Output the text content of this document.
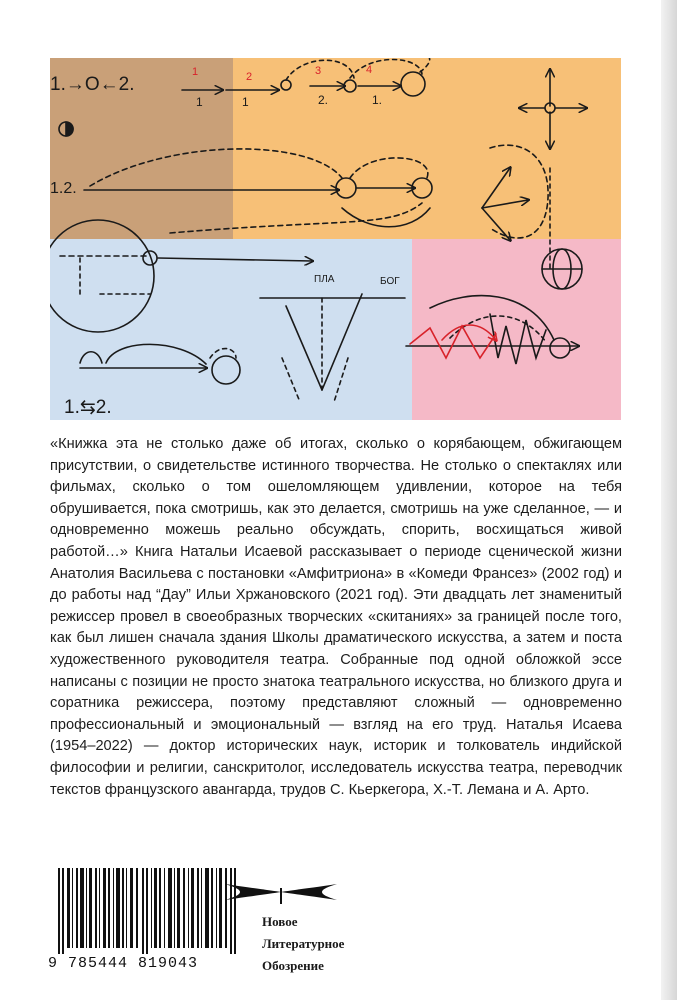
1.→O←2.
1	1	2.	1.
1	2	3	4
1.2.
1.⇆2.
ПЛА	БОГ

«Книжка эта не столько даже об итогах, сколько о корябающем, обжигающем присутствии, о свидетельстве истинного творчества. Не столько о спектаклях или фильмах, сколько о том ошеломляющем удивлении, которое на тебя обрушивается, пока смотришь, как это делается, смотришь на уже сделанное, — и одновременно можешь реально обсуждать, спорить, восхищаться живой работой…» Книга Натальи Исаевой рассказывает о периоде сценической жизни Анатолия Васильева с постановки «Амфитриона» в «Комеди Франсез» (2002 год) и до работы над “Дау” Ильи Хржановского (2021 год). Эти двадцать лет знаменитый режиссер провел в своеобразных творческих «скитаниях» за границей после того, как был лишен сначала здания Школы драматического искусства, а затем и поста художественного руководителя театра. Собранные под одной обложкой эссе написаны с позиции не просто знатока театрального искусства, но близкого друга и соратника режиссера, поэтому представляют сложный — одновременно профессиональный и эмоциональный — взгляд на его труд. Наталья Исаева (1954–2022) — доктор исторических наук, историк и толкователь индийской философии и религии, санскритолог, исследователь искусства театра, переводчик текстов французского авангарда, трудов С. Кьеркегора, Х.-Т. Лемана и А. Арто.

9 785444 819043

Новое
Литературное
Обозрение
